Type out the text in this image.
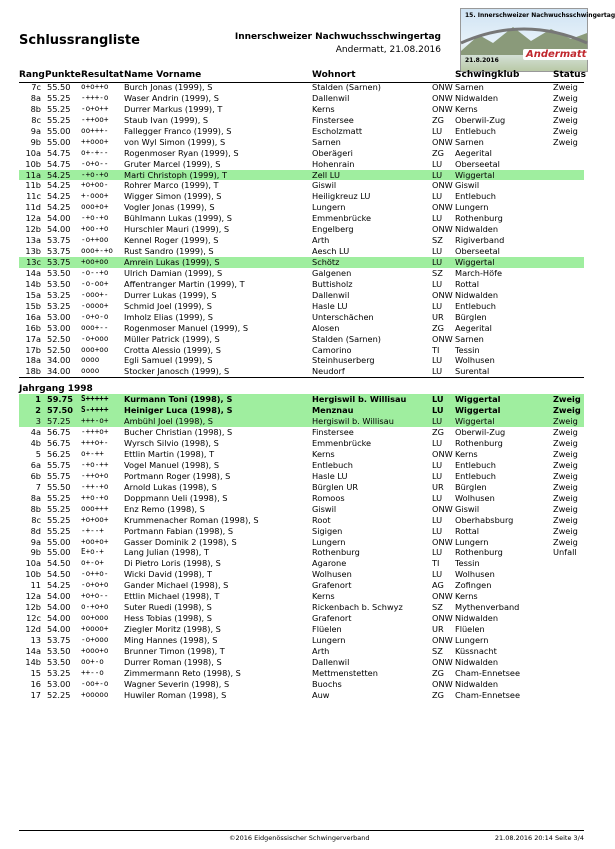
Schlussrangliste	Innerschweizer Nachwuchsschwingertag
Andermatt, 21.08.2016
15. Innerschweizer Nachwuchsschwingertag
21.8.2016
Andermatt
Rang Punkte Resultat Name Vorname	Wohnort	Schwingklub	Status
7c 55.50 o+o++o Burch Jonas (1999), S	Stalden (Sarnen)	ONW Sarnen	Zweig
8a 55.25 -+++-o Waser Andrin (1999), S	Dallenwil	ONW Nidwalden	Zweig
8b 55.25 -o+o++ Durrer Markus (1999), T	Kerns	ONW Kerns	Zweig
8c 55.25 -++oo+ Staub Ivan (1999), S	Finstersee	ZG Oberwil-Zug	Zweig
9a 55.00 oo+++- Fallegger Franco (1999), S	Escholzmatt	LU Entlebuch	Zweig
9b 55.00 ++ooo+ von Wyl Simon (1999), S	Sarnen	ONW Sarnen	Zweig
10a 54.75 o+-+-- Rogenmoser Ryan (1999), S	Oberägeri	ZG Aegerital
10b 54.75 -o+o-- Gruter Marcel (1999), S	Hohenrain	LU Oberseetal
11a 54.25 -+o-+o Marti Christoph (1999), T	Zell LU	LU Wiggertal
11b 54.25 +o+oo- Rohrer Marco (1999), T	Giswil	ONW Giswil
11c 54.25 +-ooo+ Wigger Simon (1999), S	Heiligkreuz LU	LU Entlebuch
11d 54.25 ooo+o+ Vogler Jonas (1999), S	Lungern	ONW Lungern
12a 54.00 -+o-+o Bühlmann Lukas (1999), S	Emmenbrücke	LU Rothenburg
12b 54.00 +oo-+o Hurschler Mauri (1999), S	Engelberg	ONW Nidwalden
13a 53.75 -o++oo Kennel Roger (1999), S	Arth	SZ Rigiverband
13b 53.75 ooo+-+o Rust Sandro (1999), S	Aesch LU	LU Oberseetal
13c 53.75 +oo+oo Amrein Lukas (1999), S	Schötz	LU Wiggertal
14a 53.50 -o--+o Ulrich Damian (1999), S	Galgenen	SZ March-Höfe
14b 53.50 -o-oo+ Affentranger Martin (1999), T	Buttisholz	LU Rottal
15a 53.25 -ooo+- Durrer Lukas (1999), S	Dallenwil	ONW Nidwalden
15b 53.25 -oooo+ Schmid Joel (1999), S	Hasle LU	LU Entlebuch
16a 53.00 -o+o-o Imholz Elias (1999), S	Unterschächen	UR Bürglen
16b 53.00 ooo+-- Rogenmoser Manuel (1999), S	Alosen	ZG Aegerital
17a 52.50 -o+ooo Müller Patrick (1999), S	Stalden (Sarnen)	ONW Sarnen
17b 52.50 ooo+oo Crotta Alessio (1999), S	Camorino	TI Tessin
18a 34.00 oooo	Egli Samuel (1999), S	Steinhuserberg	LU Wolhusen
18b 34.00 oooo	Stocker Janosch (1999), S	Neudorf	LU Surental
Jahrgang 1998
1 59.75 S+++++ Kurmann Toni (1998), S	Hergiswil b. Willisau	LU Wiggertal	Zweig
2 57.50 S-++++ Heiniger Luca (1998), S	Menznau	LU Wiggertal	Zweig
3 57.25 +++-o+ Ambühl Joel (1998), S	Hergiswil b. Willisau	LU Wiggertal	Zweig
4a 56.75 -+++o+ Bucher Christian (1998), S	Finstersee	ZG Oberwil-Zug	Zweig
4b 56.75 +++o+- Wyrsch Silvio (1998), S	Emmenbrücke	LU Rothenburg	Zweig
5 56.25 o+-++ Ettlin Martin (1998), T	Kerns	ONW Kerns	Zweig
6a 55.75 -+o-++ Vogel Manuel (1998), S	Entlebuch	LU Entlebuch	Zweig
6b 55.75 -++o+o Portmann Roger (1998), S	Hasle LU	LU Entlebuch	Zweig
7 55.50 -++-+o Arnold Lukas (1998), S	Bürglen UR	UR Bürglen	Zweig
8a 55.25 ++o-+o Doppmann Ueli (1998), S	Romoos	LU Wolhusen	Zweig
8b 55.25 ooo+++ Enz Remo (1998), S	Giswil	ONW Giswil	Zweig
8c 55.25 +o+oo+ Krummenacher Roman (1998), S	Root	LU Oberhabsburg	Zweig
8d 55.25 -+--+ Portmann Fabian (1998), S	Sigigen	LU Rottal	Zweig
9a 55.00 +oo+o+ Gasser Dominik 2 (1998), S	Lungern	ONW Lungern	Zweig
9b 55.00 E+o-+ Lang Julian (1998), T	Rothenburg	LU Rothenburg	Unfall
10a 54.50 o+-o+ Di Pietro Loris (1998), S	Agarone	TI Tessin
10b 54.50 -o++o- Wicki David (1998), T	Wolhusen	LU Wolhusen
11 54.25 -o+o+o Gander Michael (1998), S	Grafenort	AG Zofingen
12a 54.00 +o+o-- Ettlin Michael (1998), T	Kerns	ONW Kerns
12b 54.00 o-+o+o Suter Ruedi (1998), S	Rickenbach b. Schwyz	SZ Mythenverband
12c 54.00 oo+ooo Hess Tobias (1998), S	Grafenort	ONW Nidwalden
12d 54.00 +oooo+ Ziegler Moritz (1998), S	Flüelen	UR Flüelen
13 53.75 -o+ooo Ming Hannes (1998), S	Lungern	ONW Lungern
14a 53.50 +ooo+o Brunner Timon (1998), T	Arth	SZ Küssnacht
14b 53.50 oo+-o Durrer Roman (1998), S	Dallenwil	ONW Nidwalden
15 53.25 ++--o Zimmermann Reto (1998), S	Mettmenstetten	ZG Cham-Ennetsee
16 53.00 -oo+-o Wagner Severin (1998), S	Buochs	ONW Nidwalden
17 52.25 +ooooo Huwiler Roman (1998), S	Auw	ZG Cham-Ennetsee
©2016 Eidgenössischer Schwingerverband	21.08.2016 20:14 Seite 3/4
